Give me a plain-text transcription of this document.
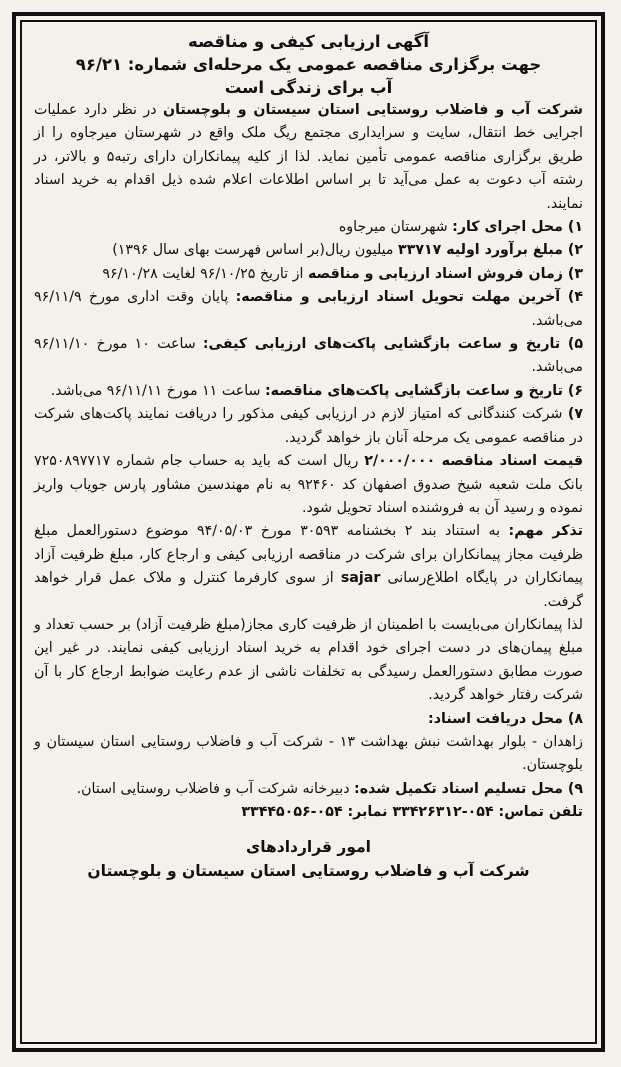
آگهی ارزیابی کیفی و مناقصه

جهت برگزاری مناقصه عمومی یک مرحله‌ای شماره: ۹۶/۲۱

آب برای زندگی است

شرکت آب و فاضلاب روستایی استان سیستان و بلوچستان در نظر دارد عملیات اجرایی خط انتقال، سایت و سرایداری مجتمع ریگ ملک واقع در شهرستان میرجاوه را از طریق برگزاری مناقصه عمومی تأمین نماید. لذا از کلیه پیمانکاران دارای رتبه۵ و بالاتر، در رشته آب دعوت به عمل می‌آید تا بر اساس اطلاعات اعلام شده ذیل اقدام به خرید اسناد نمایند.

۱) محل اجرای کار: شهرستان میرجاوه

۲) مبلغ برآورد اولیه ۳۳۷۱۷ میلیون ریال(بر اساس فهرست بهای سال ۱۳۹۶)

۳) زمان فروش اسناد ارزیابی و مناقصه از تاریخ ۹۶/۱۰/۲۵ لغایت ۹۶/۱۰/۲۸

۴) آخرین مهلت تحویل اسناد ارزیابی و مناقصه: پایان وقت اداری مورخ ۹۶/۱۱/۹ می‌باشد.

۵) تاریخ و ساعت بازگشایی پاکت‌های ارزیابی کیفی: ساعت ۱۰ مورخ ۹۶/۱۱/۱۰ می‌باشد.

۶) تاریخ و ساعت بازگشایی پاکت‌های مناقصه: ساعت ۱۱ مورخ ۹۶/۱۱/۱۱ می‌باشد.

۷) شرکت کنندگانی که امتیاز لازم در ارزیابی کیفی مذکور را دریافت نمایند پاکت‌های شرکت در مناقصه عمومی یک مرحله آنان باز خواهد گردید.

قیمت اسناد مناقصه ۲/۰۰۰/۰۰۰ ریال است که باید به حساب جام شماره ۷۲۵۰۸۹۷۷۱۷ بانک ملت شعبه شیخ صدوق اصفهان کد ۹۲۴۶۰ به نام مهندسین مشاور پارس جویاب واریز نموده و رسید آن به فروشنده اسناد تحویل شود.

تذکر مهم: به استناد بند ۲ بخشنامه ۳۰۵۹۳ مورخ ۹۴/۰۵/۰۳ موضوع دستورالعمل مبلغ ظرفیت مجاز پیمانکاران برای شرکت در مناقصه ارزیابی کیفی و ارجاع کار، مبلغ ظرفیت آزاد پیمانکاران در پایگاه اطلاع‌رسانی sajar از سوی کارفرما کنترل و ملاک عمل قرار خواهد گرفت.

لذا پیمانکاران می‌بایست با اطمینان از ظرفیت کاری مجاز(مبلغ ظرفیت آزاد) بر حسب تعداد و مبلغ پیمان‌های در دست اجرای خود اقدام به خرید اسناد ارزیابی کیفی نمایند. در غیر این صورت مطابق دستورالعمل رسیدگی به تخلفات ناشی از عدم رعایت ضوابط ارجاع کار با آن شرکت رفتار خواهد گردید.

۸) محل دریافت اسناد:

زاهدان - بلوار بهداشت نبش بهداشت ۱۳ - شرکت آب و فاضلاب روستایی استان سیستان و بلوچستان.

۹) محل تسلیم اسناد تکمیل شده: دبیرخانه شرکت آب و فاضلاب روستایی استان.

تلفن تماس: ۰۵۴-۳۳۴۲۶۳۱۲ نمابر: ۰۵۴-۳۳۴۴۵۰۵۶

امور قراردادهای
شرکت آب و فاضلاب روستایی استان سیستان و بلوچستان
